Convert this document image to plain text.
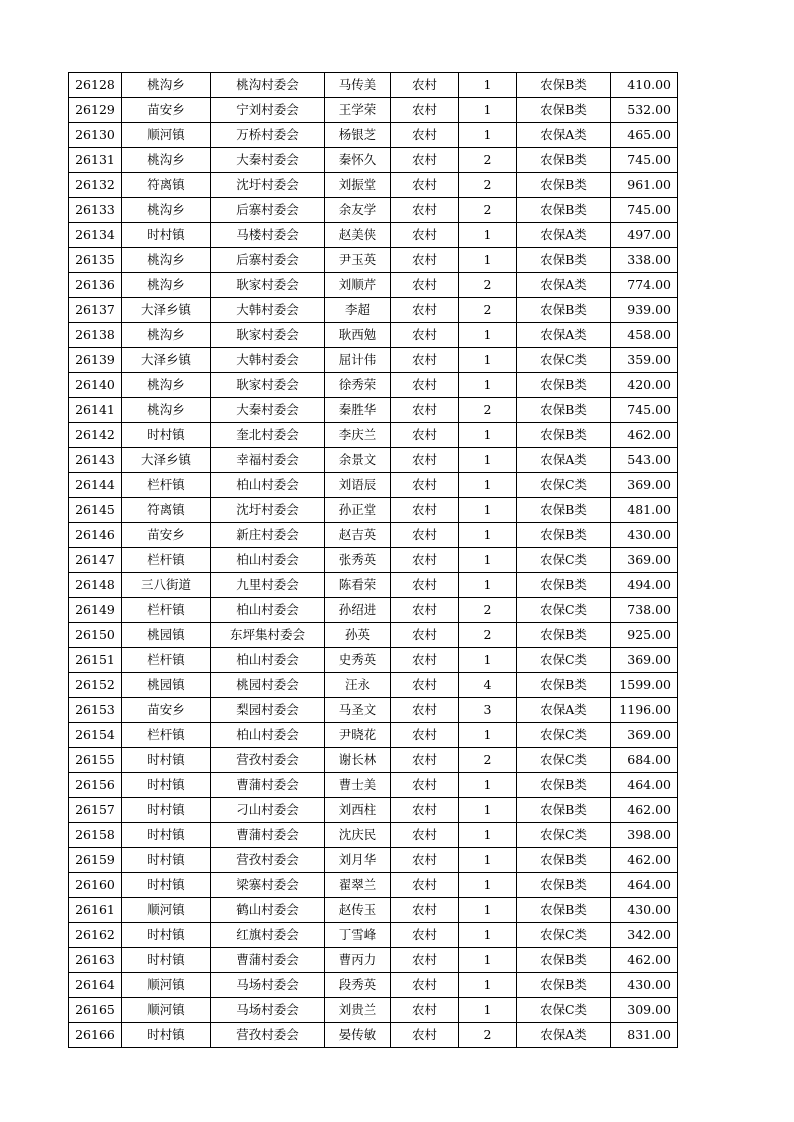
26128	桃沟乡	桃沟村委会	马传美	农村	1	农保B类	410.00
26129	苗安乡	宁刘村委会	王学荣	农村	1	农保B类	532.00
26130	顺河镇	万桥村委会	杨银芝	农村	1	农保A类	465.00
26131	桃沟乡	大秦村委会	秦怀久	农村	2	农保B类	745.00
26132	符离镇	沈圩村委会	刘振堂	农村	2	农保B类	961.00
26133	桃沟乡	后寨村委会	余友学	农村	2	农保B类	745.00
26134	时村镇	马楼村委会	赵美侠	农村	1	农保A类	497.00
26135	桃沟乡	后寨村委会	尹玉英	农村	1	农保B类	338.00
26136	桃沟乡	耿家村委会	刘顺芹	农村	2	农保A类	774.00
26137	大泽乡镇	大韩村委会	李超	农村	2	农保B类	939.00
26138	桃沟乡	耿家村委会	耿西勉	农村	1	农保A类	458.00
26139	大泽乡镇	大韩村委会	屈计伟	农村	1	农保C类	359.00
26140	桃沟乡	耿家村委会	徐秀荣	农村	1	农保B类	420.00
26141	桃沟乡	大秦村委会	秦胜华	农村	2	农保B类	745.00
26142	时村镇	奎北村委会	李庆兰	农村	1	农保B类	462.00
26143	大泽乡镇	幸福村委会	余景文	农村	1	农保A类	543.00
26144	栏杆镇	柏山村委会	刘语辰	农村	1	农保C类	369.00
26145	符离镇	沈圩村委会	孙正堂	农村	1	农保B类	481.00
26146	苗安乡	新庄村委会	赵吉英	农村	1	农保B类	430.00
26147	栏杆镇	柏山村委会	张秀英	农村	1	农保C类	369.00
26148	三八街道	九里村委会	陈看荣	农村	1	农保B类	494.00
26149	栏杆镇	柏山村委会	孙绍进	农村	2	农保C类	738.00
26150	桃园镇	东坪集村委会	孙英	农村	2	农保B类	925.00
26151	栏杆镇	柏山村委会	史秀英	农村	1	农保C类	369.00
26152	桃园镇	桃园村委会	汪永	农村	4	农保B类	1599.00
26153	苗安乡	梨园村委会	马圣文	农村	3	农保A类	1196.00
26154	栏杆镇	柏山村委会	尹晓花	农村	1	农保C类	369.00
26155	时村镇	营孜村委会	谢长林	农村	2	农保C类	684.00
26156	时村镇	曹蒲村委会	曹士美	农村	1	农保B类	464.00
26157	时村镇	刁山村委会	刘西柱	农村	1	农保B类	462.00
26158	时村镇	曹蒲村委会	沈庆民	农村	1	农保C类	398.00
26159	时村镇	营孜村委会	刘月华	农村	1	农保B类	462.00
26160	时村镇	梁寨村委会	翟翠兰	农村	1	农保B类	464.00
26161	顺河镇	鹤山村委会	赵传玉	农村	1	农保B类	430.00
26162	时村镇	红旗村委会	丁雪峰	农村	1	农保C类	342.00
26163	时村镇	曹蒲村委会	曹丙力	农村	1	农保B类	462.00
26164	顺河镇	马场村委会	段秀英	农村	1	农保B类	430.00
26165	顺河镇	马场村委会	刘贵兰	农村	1	农保C类	309.00
26166	时村镇	营孜村委会	晏传敏	农村	2	农保A类	831.00
